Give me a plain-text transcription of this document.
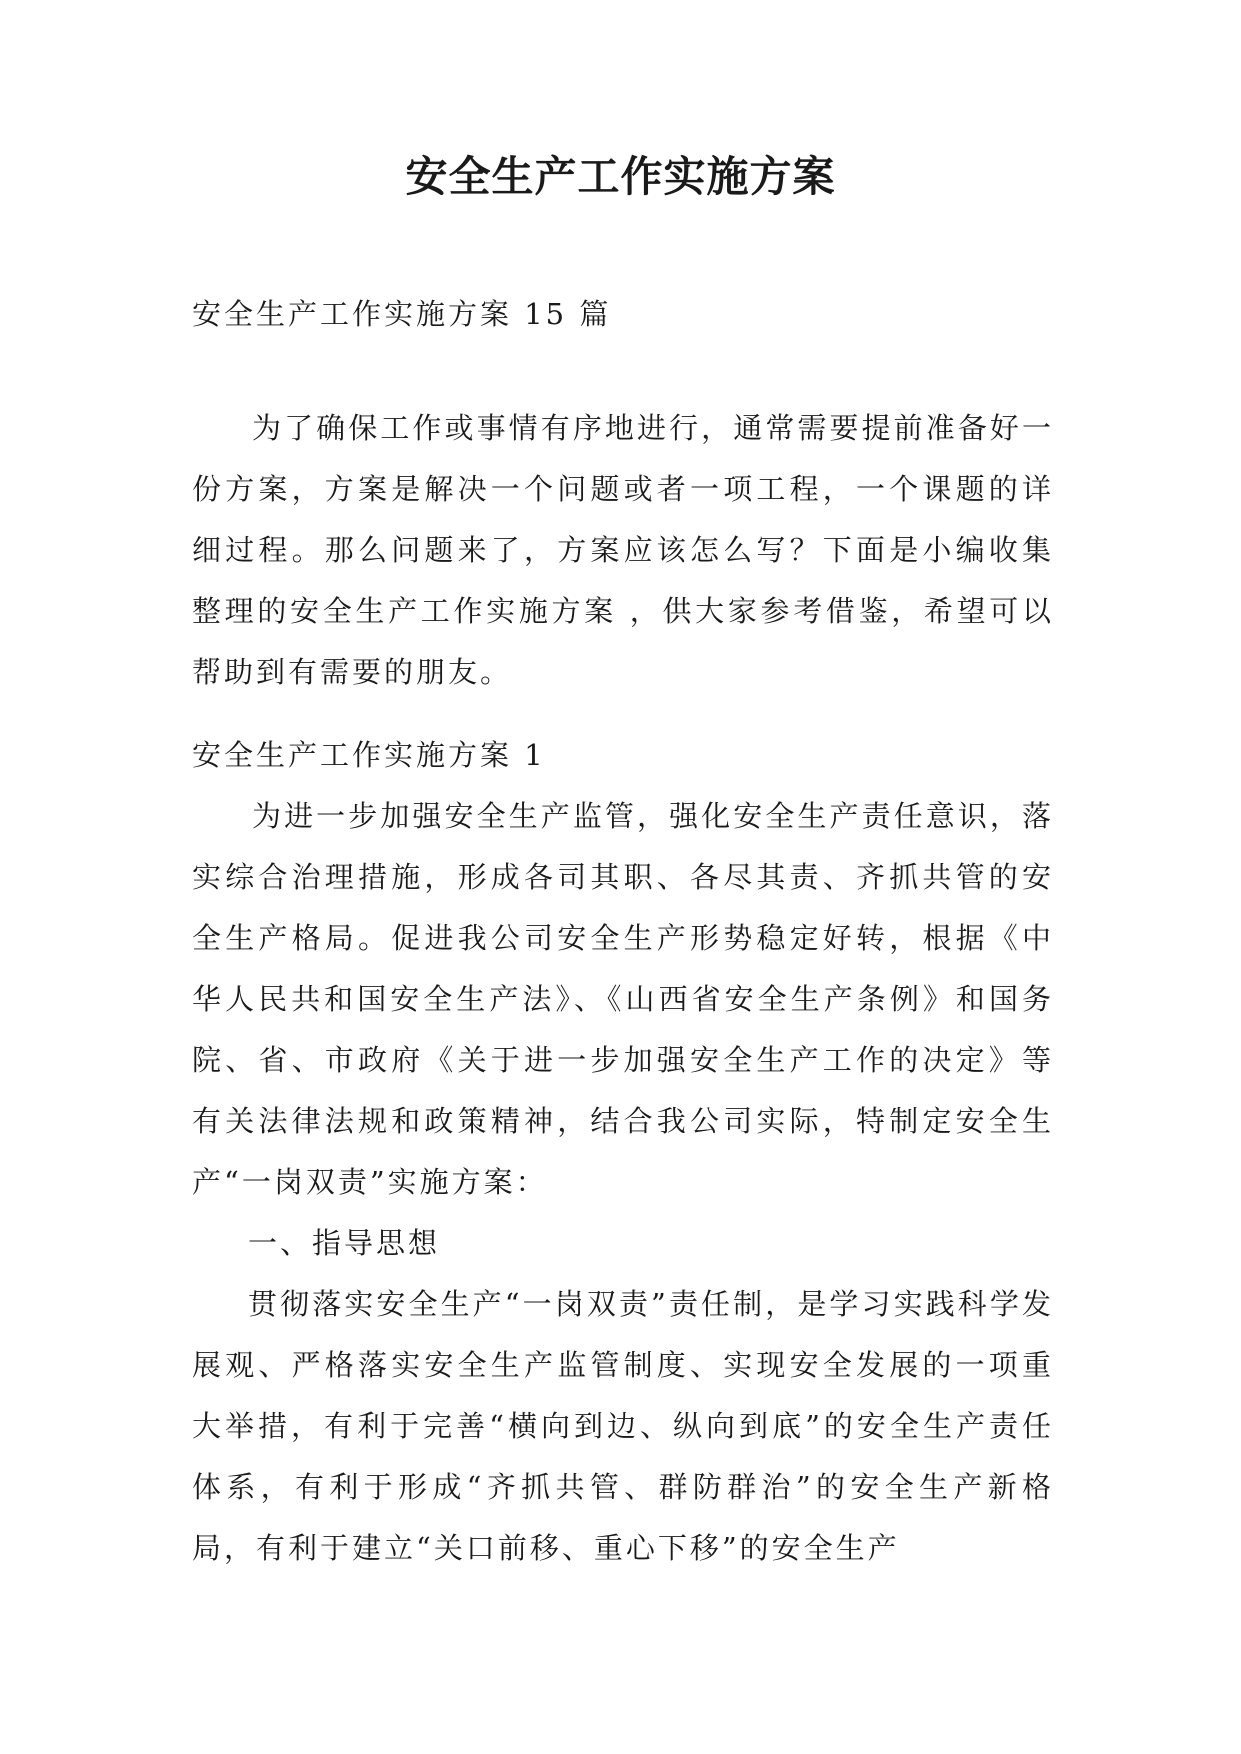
安全生产工作实施方案

安全生产工作实施方案 15 篇

为了确保工作或事情有序地进行，通常需要提前准备好一份方案，方案是解决一个问题或者一项工程，一个课题的详细过程。那么问题来了，方案应该怎么写？下面是小编收集整理的安全生产工作实施方案 ，供大家参考借鉴，希望可以帮助到有需要的朋友。

安全生产工作实施方案 1

为进一步加强安全生产监管，强化安全生产责任意识，落实综合治理措施，形成各司其职、各尽其责、齐抓共管的安全生产格局。促进我公司安全生产形势稳定好转，根据《中华人民共和国安全生产法》、《山西省安全生产条例》和国务院、省、市政府《关于进一步加强安全生产工作的决定》等有关法律法规和政策精神，结合我公司实际，特制定安全生产“一岗双责”实施方案：

一、指导思想

贯彻落实安全生产“一岗双责”责任制，是学习实践科学发展观、严格落实安全生产监管制度、实现安全发展的一项重大举措，有利于完善“横向到边、纵向到底”的安全生产责任体系，有利于形成“齐抓共管、群防群治”的安全生产新格局，有利于建立“关口前移、重心下移”的安全生产
